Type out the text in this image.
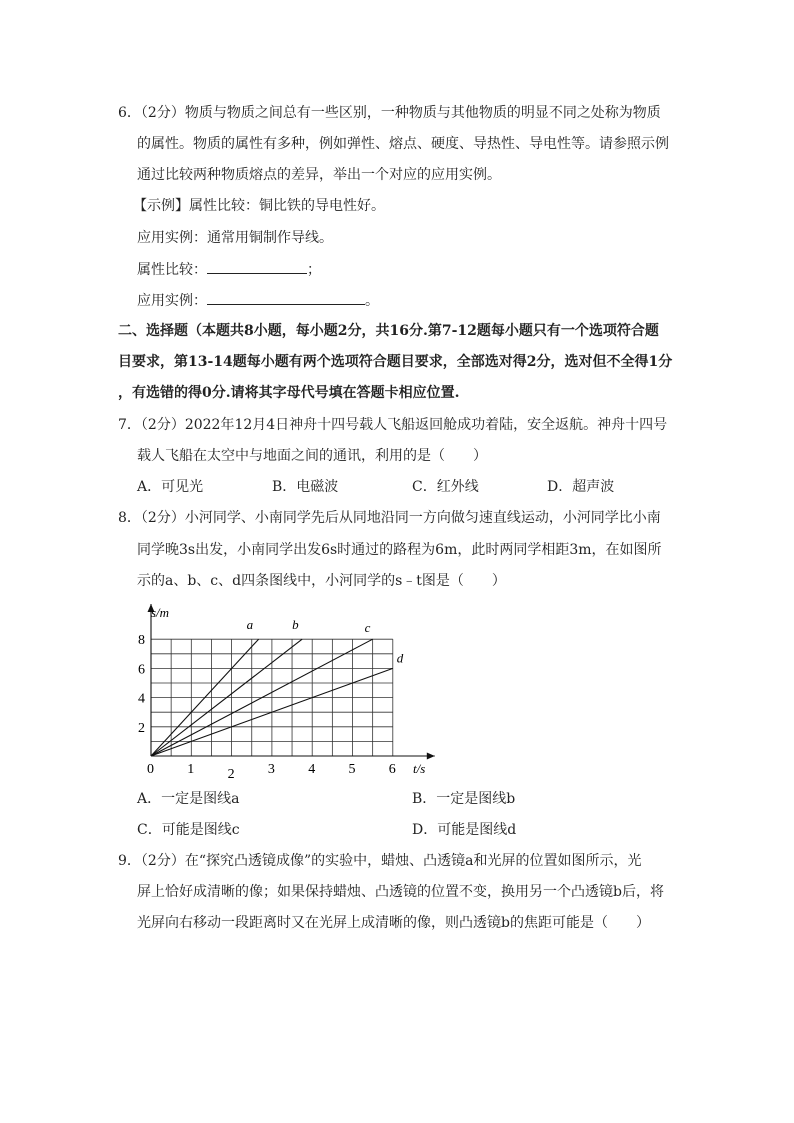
6．（2分）物质与物质之间总有一些区别，一种物质与其他物质的明显不同之处称为物质
的属性。物质的属性有多种，例如弹性、熔点、硬度、导热性、导电性等。请参照示例
通过比较两种物质熔点的差异，举出一个对应的应用实例。
【示例】属性比较：铜比铁的导电性好。
应用实例：通常用铜制作导线。
属性比较：	；
应用实例：	。
二、选择题（本题共8小题，每小题2分，共16分.第7-12题每小题只有一个选项符合题
目要求，第13-14题每小题有两个选项符合题目要求，全部选对得2分，选对但不全得1分
，有选错的得0分.请将其字母代号填在答题卡相应位置.
7．（2分）2022年12月4日神舟十四号载人飞船返回舱成功着陆，安全返航。神舟十四号
载人飞船在太空中与地面之间的通讯，利用的是（　　）
A．可见光	B．电磁波	C．红外线	D．超声波
8．（2分）小河同学、小南同学先后从同地沿同一方向做匀速直线运动，小河同学比小南
同学晚3s出发，小南同学出发6s时通过的路程为6m，此时两同学相距3m，在如图所
示的a、b、c、d四条图线中，小河同学的s﹣t图是（　　）
s/m
t/s
0 1 2 3 4 5 6
2
4
6
8
a	b	c
d
A．一定是图线a	B．一定是图线b
C．可能是图线c	D．可能是图线d
9．（2分）在“探究凸透镜成像”的实验中，蜡烛、凸透镜a和光屏的位置如图所示，光
屏上恰好成清晰的像；如果保持蜡烛、凸透镜的位置不变，换用另一个凸透镜b后，将
光屏向右移动一段距离时又在光屏上成清晰的像，则凸透镜b的焦距可能是（　　）
